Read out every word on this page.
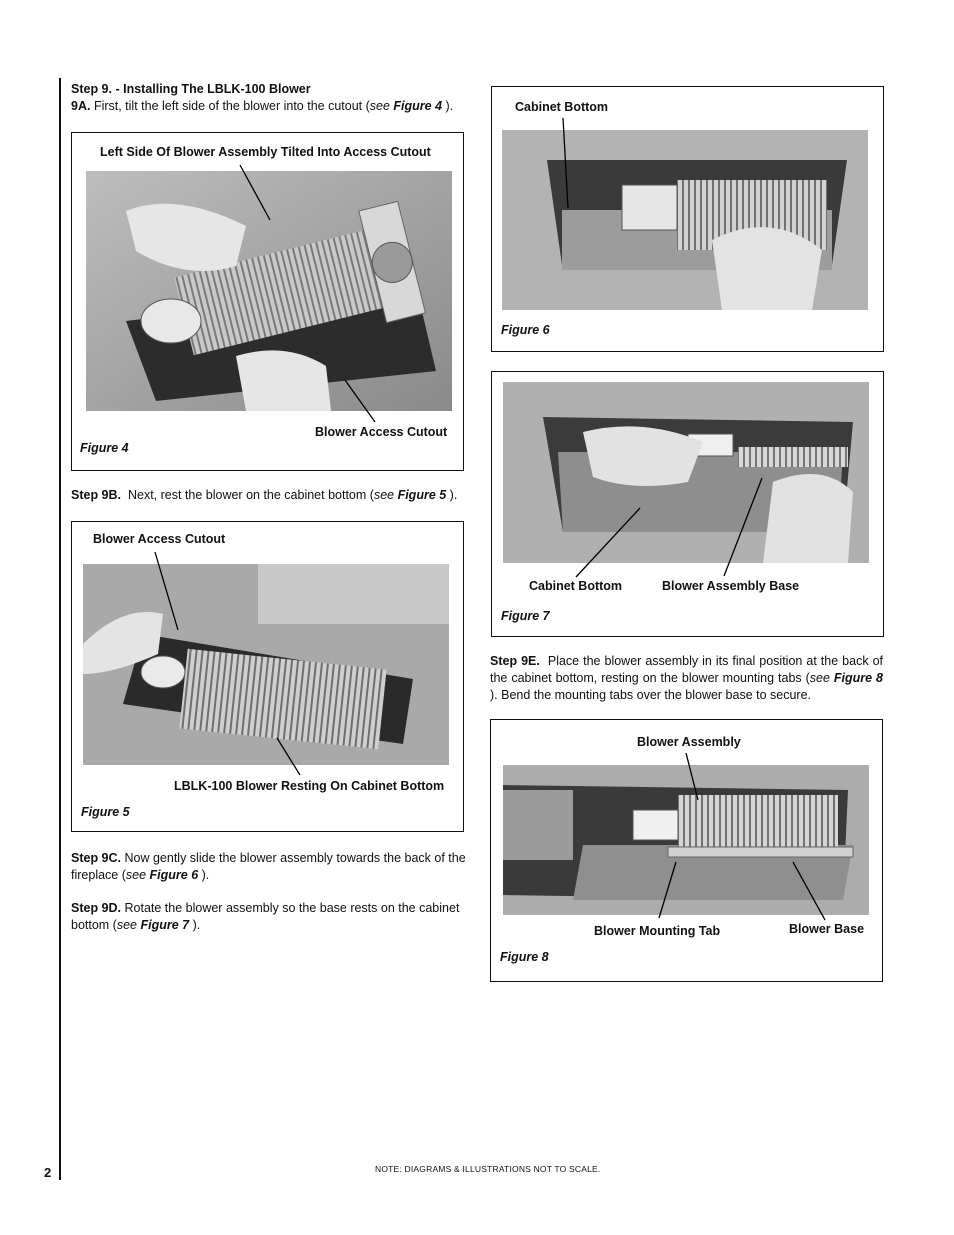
Step 9. - Installing The LBLK-100 Blower
9A. First, tilt the left side of the blower into the cutout (see Figure 4 ).
Left Side Of Blower Assembly Tilted Into Access Cutout
Blower Access Cutout
Figure 4
Step 9B. Next, rest the blower on the cabinet bottom (see Figure 5 ).
Blower Access Cutout
LBLK-100 Blower Resting On Cabinet Bottom
Figure 5
Step 9C. Now gently slide the blower assembly towards the back of the fireplace (see Figure 6 ).
Step 9D. Rotate the blower assembly so the base rests on the cabinet bottom (see Figure 7 ).
Cabinet Bottom
Figure 6
Cabinet Bottom	Blower Assembly Base
Figure 7
Step 9E. Place the blower assembly in its final position at the back of the cabinet bottom, resting on the blower mounting tabs (see Figure 8 ). Bend the mounting tabs over the blower base to secure.
Blower Assembly
Blower Mounting Tab	Blower Base
Figure 8
2	NOTE: DIAGRAMS & ILLUSTRATIONS NOT TO SCALE.
